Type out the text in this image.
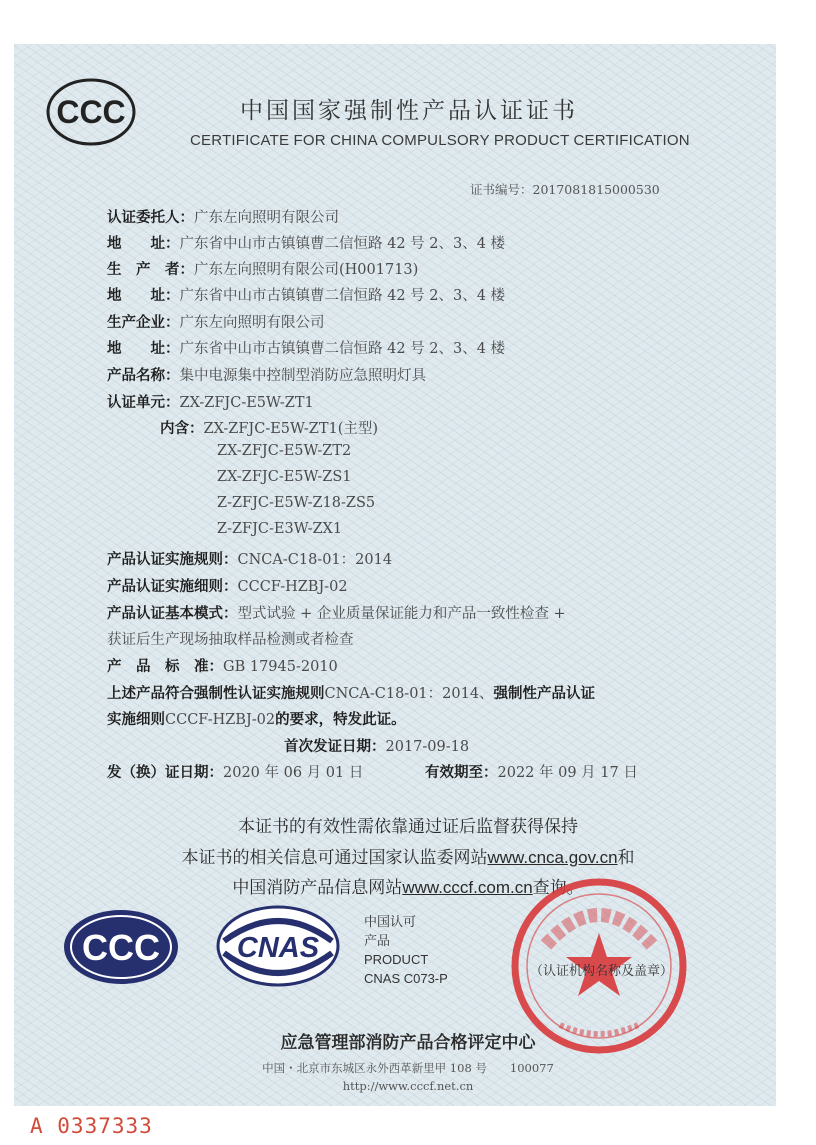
CCC	中国国家强制性产品认证证书
CERTIFICATE FOR CHINA COMPULSORY PRODUCT CERTIFICATION
证书编号：2017081815000530
认证委托人：广东左向照明有限公司
地　　址：广东省中山市古镇镇曹二信恒路 42 号 2、3、4 楼
生　产　者：广东左向照明有限公司(H001713)
地　　址：广东省中山市古镇镇曹二信恒路 42 号 2、3、4 楼
生产企业：广东左向照明有限公司
地　　址：广东省中山市古镇镇曹二信恒路 42 号 2、3、4 楼
产品名称：集中电源集中控制型消防应急照明灯具
认证单元：ZX-ZFJC-E5W-ZT1
内含：ZX-ZFJC-E5W-ZT1(主型)
ZX-ZFJC-E5W-ZT2
ZX-ZFJC-E5W-ZS1
Z-ZFJC-E5W-Z18-ZS5
Z-ZFJC-E3W-ZX1
产品认证实施规则：CNCA-C18-01：2014
产品认证实施细则：CCCF-HZBJ-02
产品认证基本模式：型式试验 + 企业质量保证能力和产品一致性检查 +
获证后生产现场抽取样品检测或者检查
产　品　标　准：GB 17945-2010
上述产品符合强制性认证实施规则CNCA-C18-01：2014、强制性产品认证
实施细则CCCF-HZBJ-02的要求，特发此证。
首次发证日期：2017-09-18
发（换）证日期：2020 年 06 月 01 日	有效期至：2022 年 09 月 17 日
本证书的有效性需依靠通过证后监督获得保持
本证书的相关信息可通过国家认监委网站www.cnca.gov.cn和
中国消防产品信息网站www.cccf.com.cn查询。
CCC	CNAS
中国认可
产品
PRODUCT
CNAS C073-P	（认证机构名称及盖章）
应急管理部消防产品合格评定中心
中国・北京市东城区永外西革新里甲 108 号　　100077
http://www.cccf.net.cn
A 0337333
